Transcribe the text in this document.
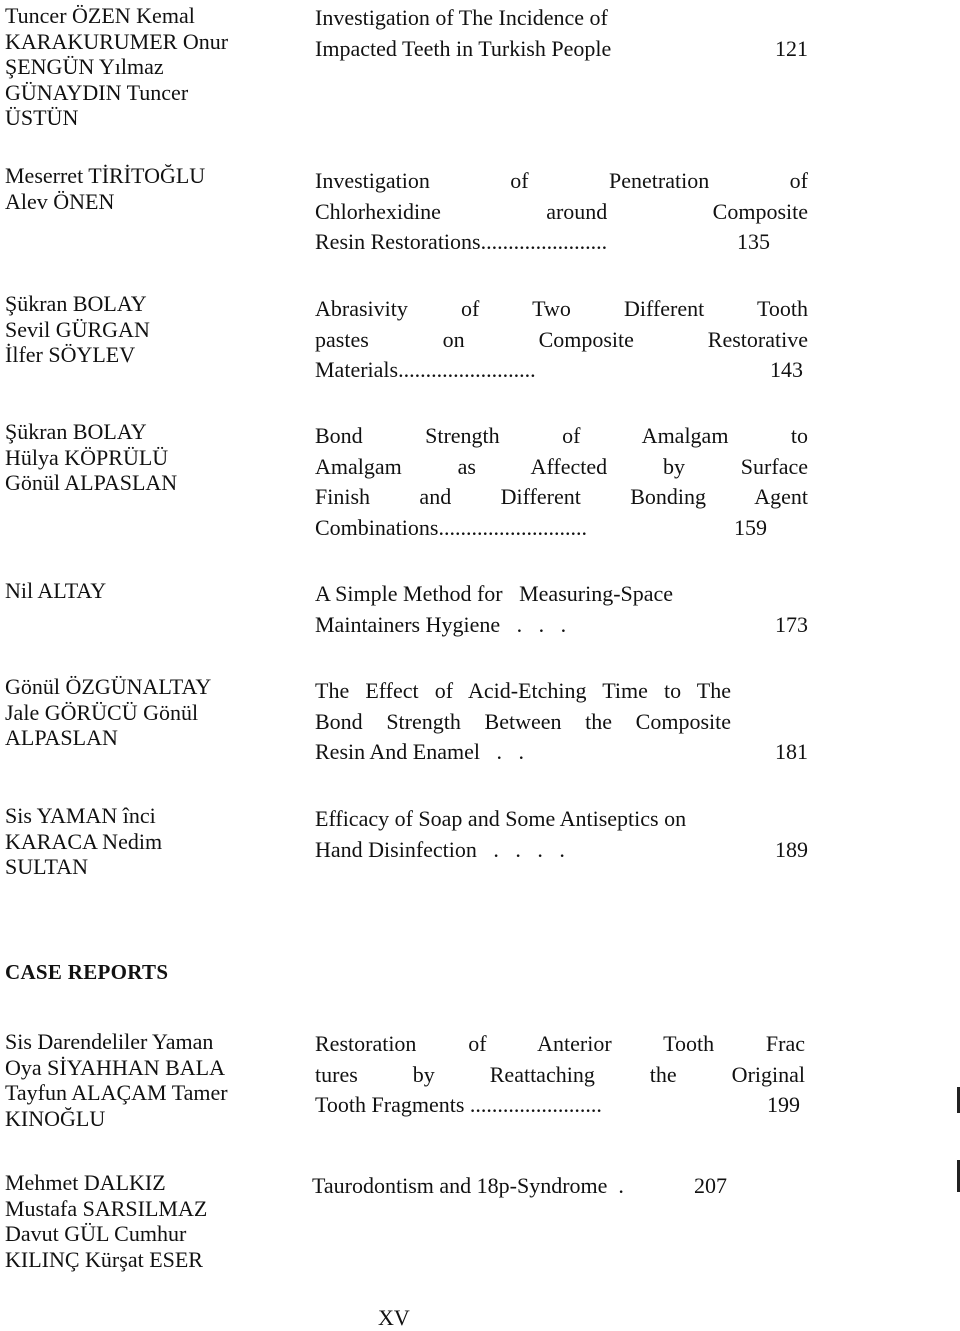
Tuncer ÖZEN Kemal
KARAKURUMER Onur
ŞENGÜN Yılmaz
GÜNAYDIN Tuncer
ÜSTÜN
Investigation of The Incidence of
Impacted Teeth in Turkish People	121
Meserret TİRİTOĞLU
Alev ÖNEN
Investigation of Penetration of
Chlorhexidine around Composite
Resin Restorations.......................	135
Şükran BOLAY
Sevil GÜRGAN
İlfer SÖYLEV
Abrasivity of Two Different Tooth
pastes on Composite Restorative
Materials.........................	143
Şükran BOLAY
Hülya KÖPRÜLÜ
Gönül ALPASLAN
Bond Strength of Amalgam to
Amalgam as Affected by Surface
Finish and Different Bonding Agent
Combinations...........................	159
Nil ALTAY	A Simple Method for   Measuring-Space
Maintainers Hygiene   .   .   .	173
Gönül ÖZGÜNALTAY
Jale GÖRÜCÜ Gönül
ALPASLAN
The Effect of Acid-Etching Time to The
Bond Strength Between the Composite
Resin And Enamel   .   .	181
Sis YAMAN înci
KARACA Nedim
SULTAN
Efficacy of Soap and Some Antiseptics on
Hand Disinfection   .   .   .   .	189
CASE REPORTS
Sis Darendeliler Yaman
Oya SİYAHHAN BALA
Tayfun ALAÇAM Tamer
KINOĞLU
Restoration of Anterior Tooth Frac
tures by Reattaching the Original
Tooth Fragments ........................	199
Mehmet DALKIZ
Mustafa SARSILMAZ
Davut GÜL Cumhur
KILINÇ Kürşat ESER
Taurodontism and 18p-Syndrome  .	207
XV
